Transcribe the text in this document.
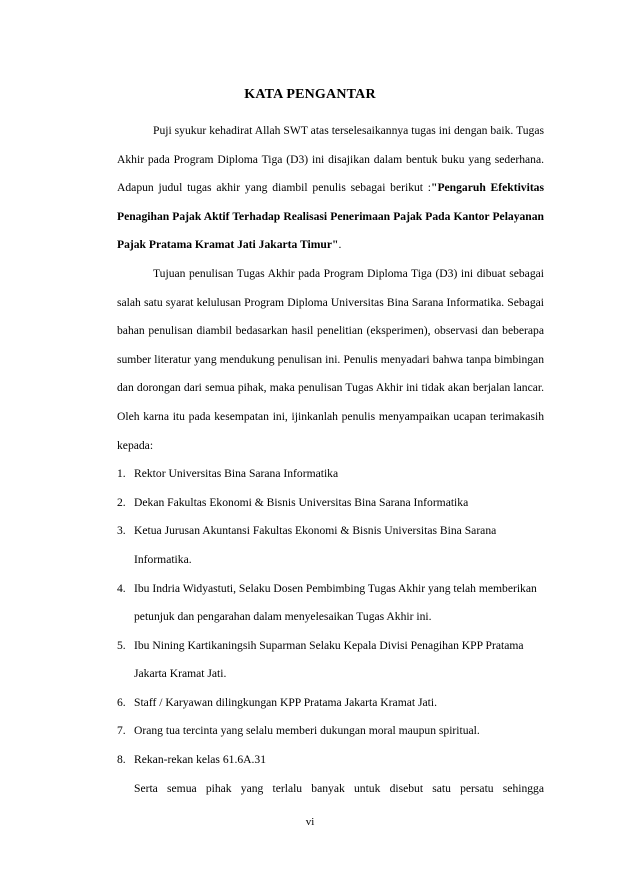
KATA PENGANTAR

Puji syukur kehadirat Allah SWT atas terselesaikannya tugas ini dengan baik. Tugas Akhir pada Program Diploma Tiga (D3) ini disajikan dalam bentuk buku yang sederhana. Adapun judul tugas akhir yang diambil penulis sebagai berikut :"Pengaruh Efektivitas Penagihan Pajak Aktif Terhadap Realisasi Penerimaan Pajak Pada Kantor Pelayanan Pajak Pratama Kramat Jati Jakarta Timur".

Tujuan penulisan Tugas Akhir pada Program Diploma Tiga (D3) ini dibuat sebagai salah satu syarat kelulusan Program Diploma Universitas Bina Sarana Informatika. Sebagai bahan penulisan diambil bedasarkan hasil penelitian (eksperimen), observasi dan beberapa sumber literatur yang mendukung penulisan ini. Penulis menyadari bahwa tanpa bimbingan dan dorongan dari semua pihak, maka penulisan Tugas Akhir ini tidak akan berjalan lancar. Oleh karna itu pada kesempatan ini, ijinkanlah penulis menyampaikan ucapan terimakasih kepada:

1. Rektor Universitas Bina Sarana Informatika
2. Dekan Fakultas Ekonomi & Bisnis Universitas Bina Sarana Informatika
3. Ketua Jurusan Akuntansi Fakultas Ekonomi & Bisnis Universitas Bina Sarana Informatika.
4. Ibu Indria Widyastuti, Selaku Dosen Pembimbing Tugas Akhir yang telah memberikan petunjuk dan pengarahan dalam menyelesaikan Tugas Akhir ini.
5. Ibu Nining Kartikaningsih Suparman Selaku Kepala Divisi Penagihan KPP Pratama Jakarta Kramat Jati.
6. Staff / Karyawan dilingkungan KPP Pratama Jakarta Kramat Jati.
7. Orang tua tercinta yang selalu memberi dukungan moral maupun spiritual.
8. Rekan-rekan kelas 61.6A.31

Serta semua pihak yang terlalu banyak untuk disebut satu persatu sehingga

vi
